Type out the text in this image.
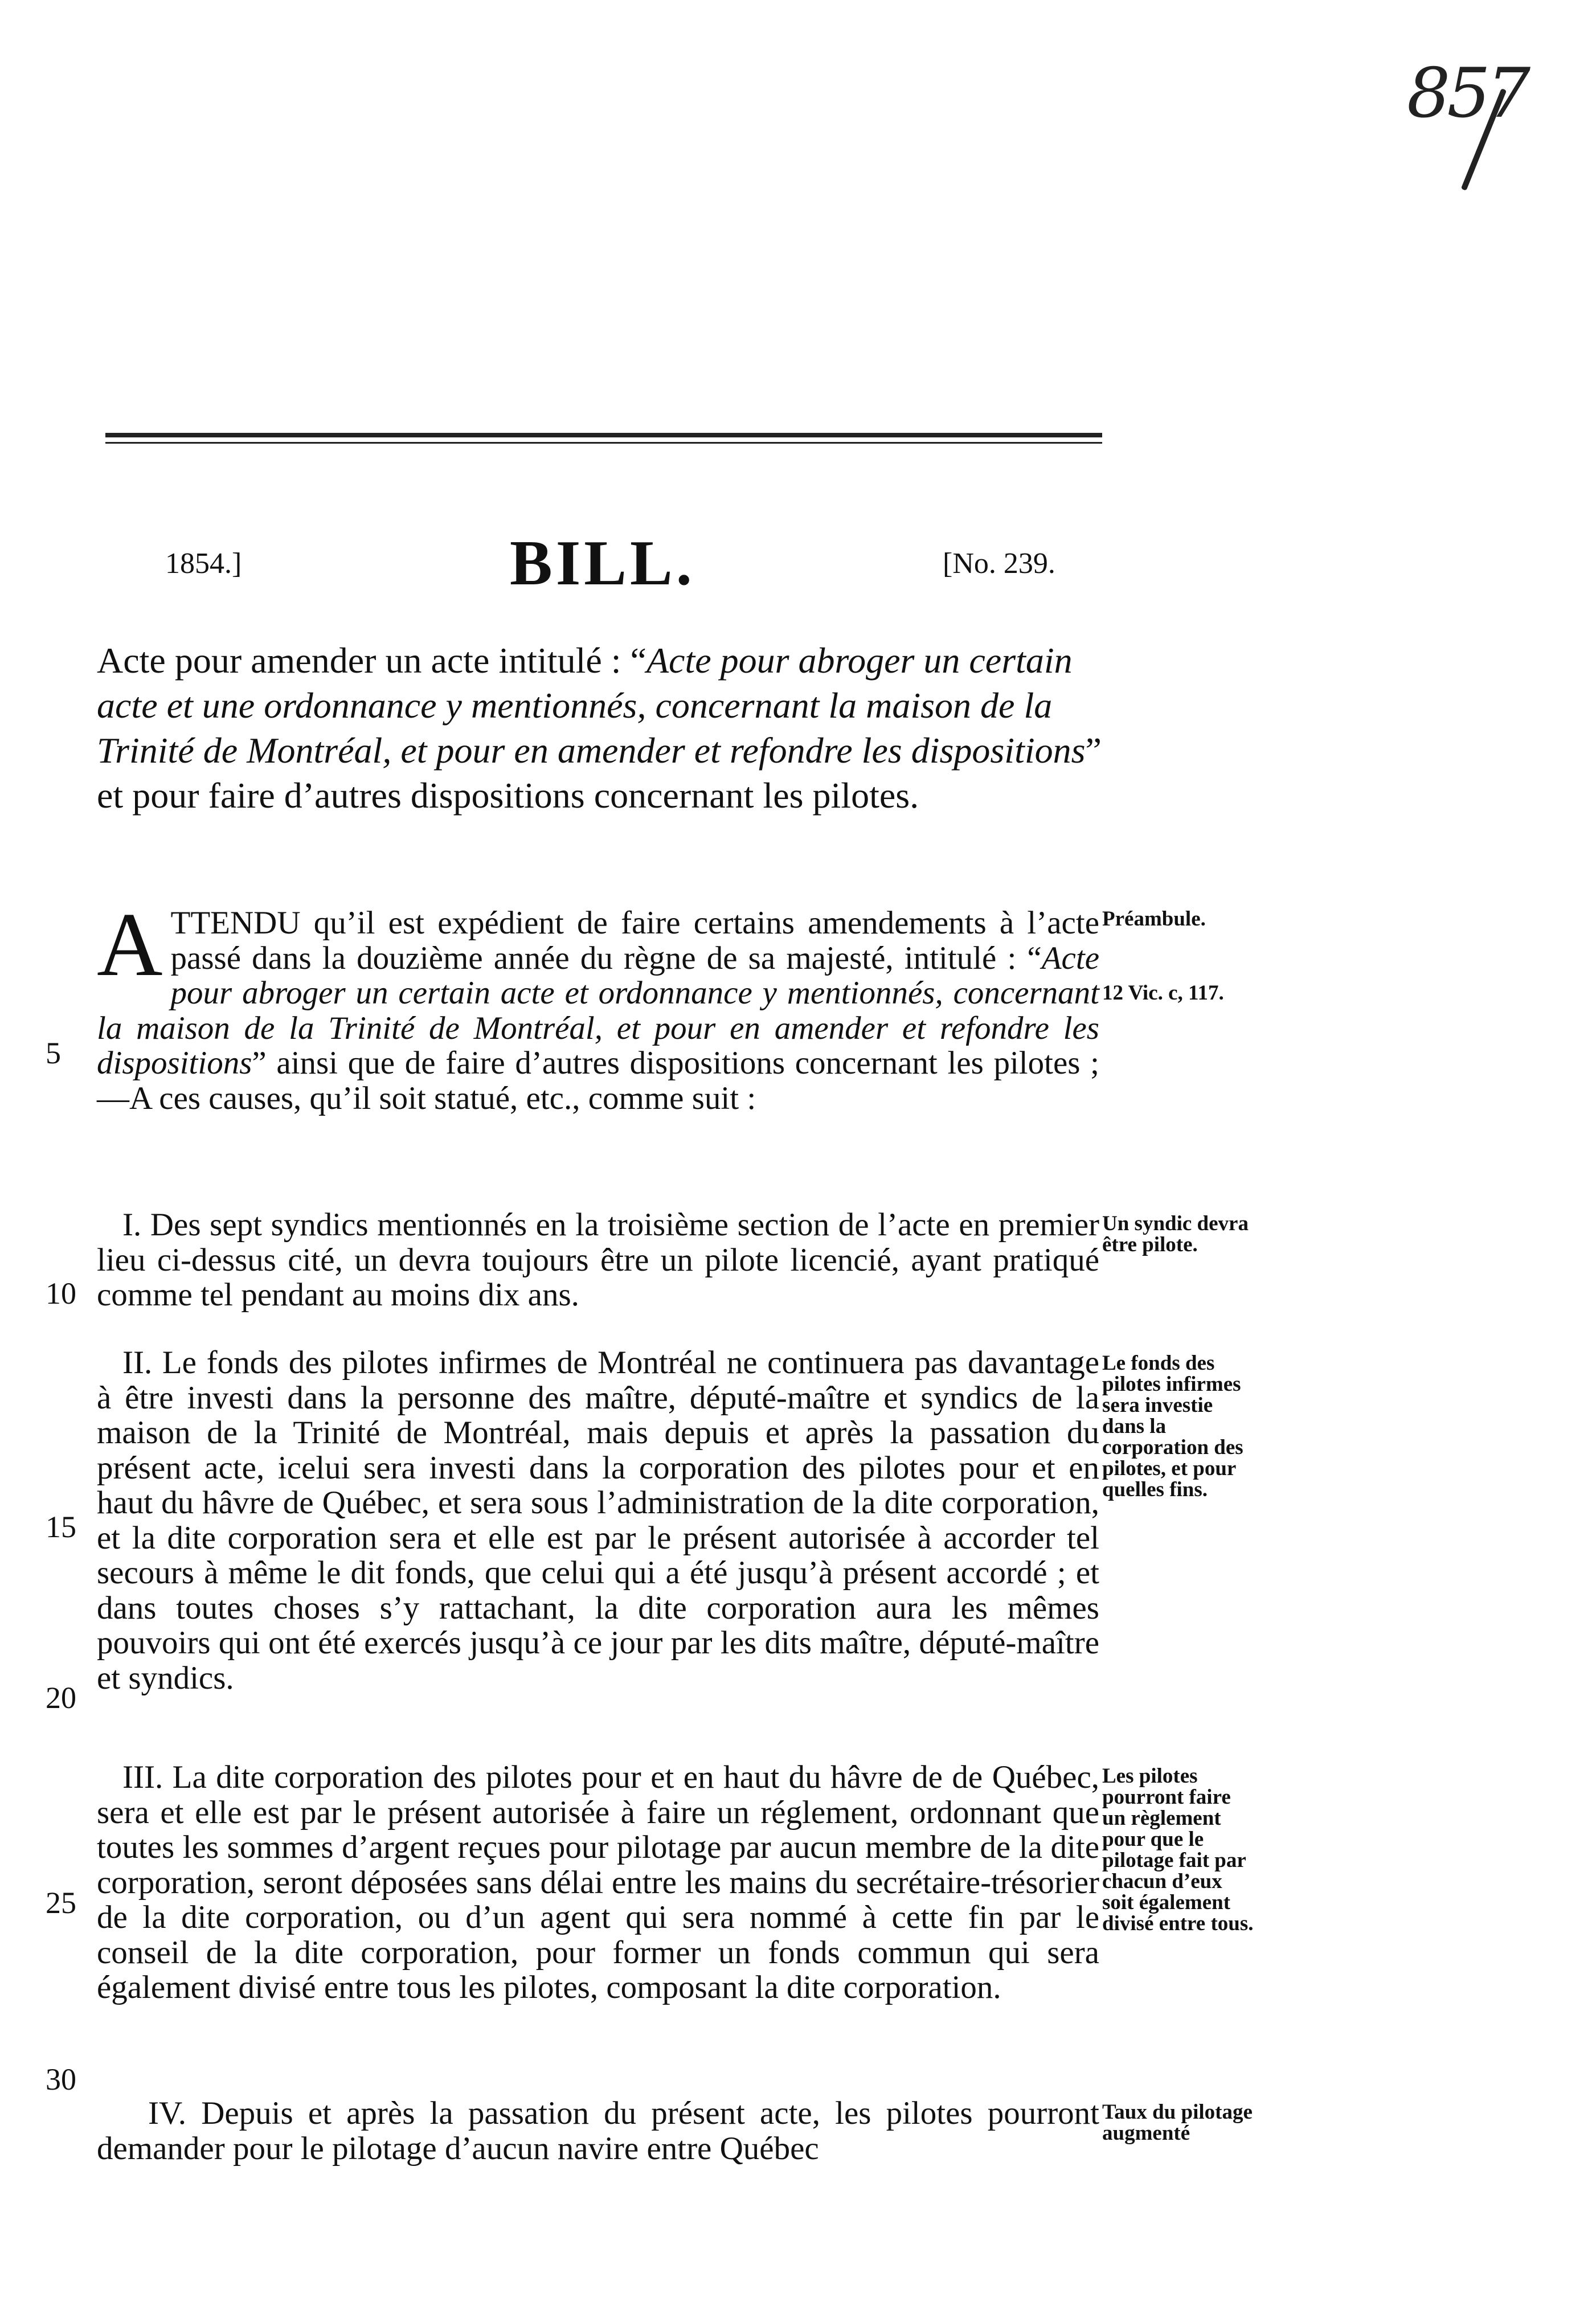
857
1854.]	BILL.	[No. 239.
Acte pour amender un acte intitulé : “Acte pour abroger un certain acte et une ordonnance y mentionnés, concernant la maison de la Trinité de Montréal, et pour en amender et refondre les dispositions” et pour faire d’autres dispositions concernant les pilotes.
ATTENDU qu’il est expédient de faire certains amendements à l’acte passé dans la douzième année du règne de sa majesté, intitulé : “Acte pour abroger un certain acte et ordonnance y mentionnés, concernant la maison de la Trinité de Montréal, et pour en amender et refondre les dispositions” ainsi que de faire d’autres dispositions concernant les pilotes ;—A ces causes, qu’il soit statué, etc., comme suit :
I. Des sept syndics mentionnés en la troisième section de l’acte en premier lieu ci-dessus cité, un devra toujours être un pilote licencié, ayant pratiqué comme tel pendant au moins dix ans.
II. Le fonds des pilotes infirmes de Montréal ne continuera pas davantage à être investi dans la personne des maître, député-maître et syndics de la maison de la Trinité de Montréal, mais depuis et après la passation du présent acte, icelui sera investi dans la corporation des pilotes pour et en haut du hâvre de Québec, et sera sous l’administration de la dite corporation, et la dite corporation sera et elle est par le présent autorisée à accorder tel secours à même le dit fonds, que celui qui a été jusqu’à présent accordé ; et dans toutes choses s’y rattachant, la dite corporation aura les mêmes pouvoirs qui ont été exercés jusqu’à ce jour par les dits maître, député-maître et syndics.
III. La dite corporation des pilotes pour et en haut du hâvre de de Québec, sera et elle est par le présent autorisée à faire un réglement, ordonnant que toutes les sommes d’argent reçues pour pilotage par aucun membre de la dite corporation, seront déposées sans délai entre les mains du secrétaire-trésorier de la dite corporation, ou d’un agent qui sera nommé à cette fin par le conseil de la dite corporation, pour former un fonds commun qui sera également divisé entre tous les pilotes, composant la dite corporation.
IV. Depuis et après la passation du présent acte, les pilotes pourront demander pour le pilotage d’aucun navire entre Québec
Préambule.
12 Vic. c, 117.
Un syndic devra être pilote.
Le fonds des pilotes infirmes sera investie dans la corporation des pilotes, et pour quelles fins.
Les pilotes pourront faire un règlement pour que le pilotage fait par chacun d’eux soit également divisé entre tous.
Taux du pilotage augmenté
5
10
15
20
25
30
